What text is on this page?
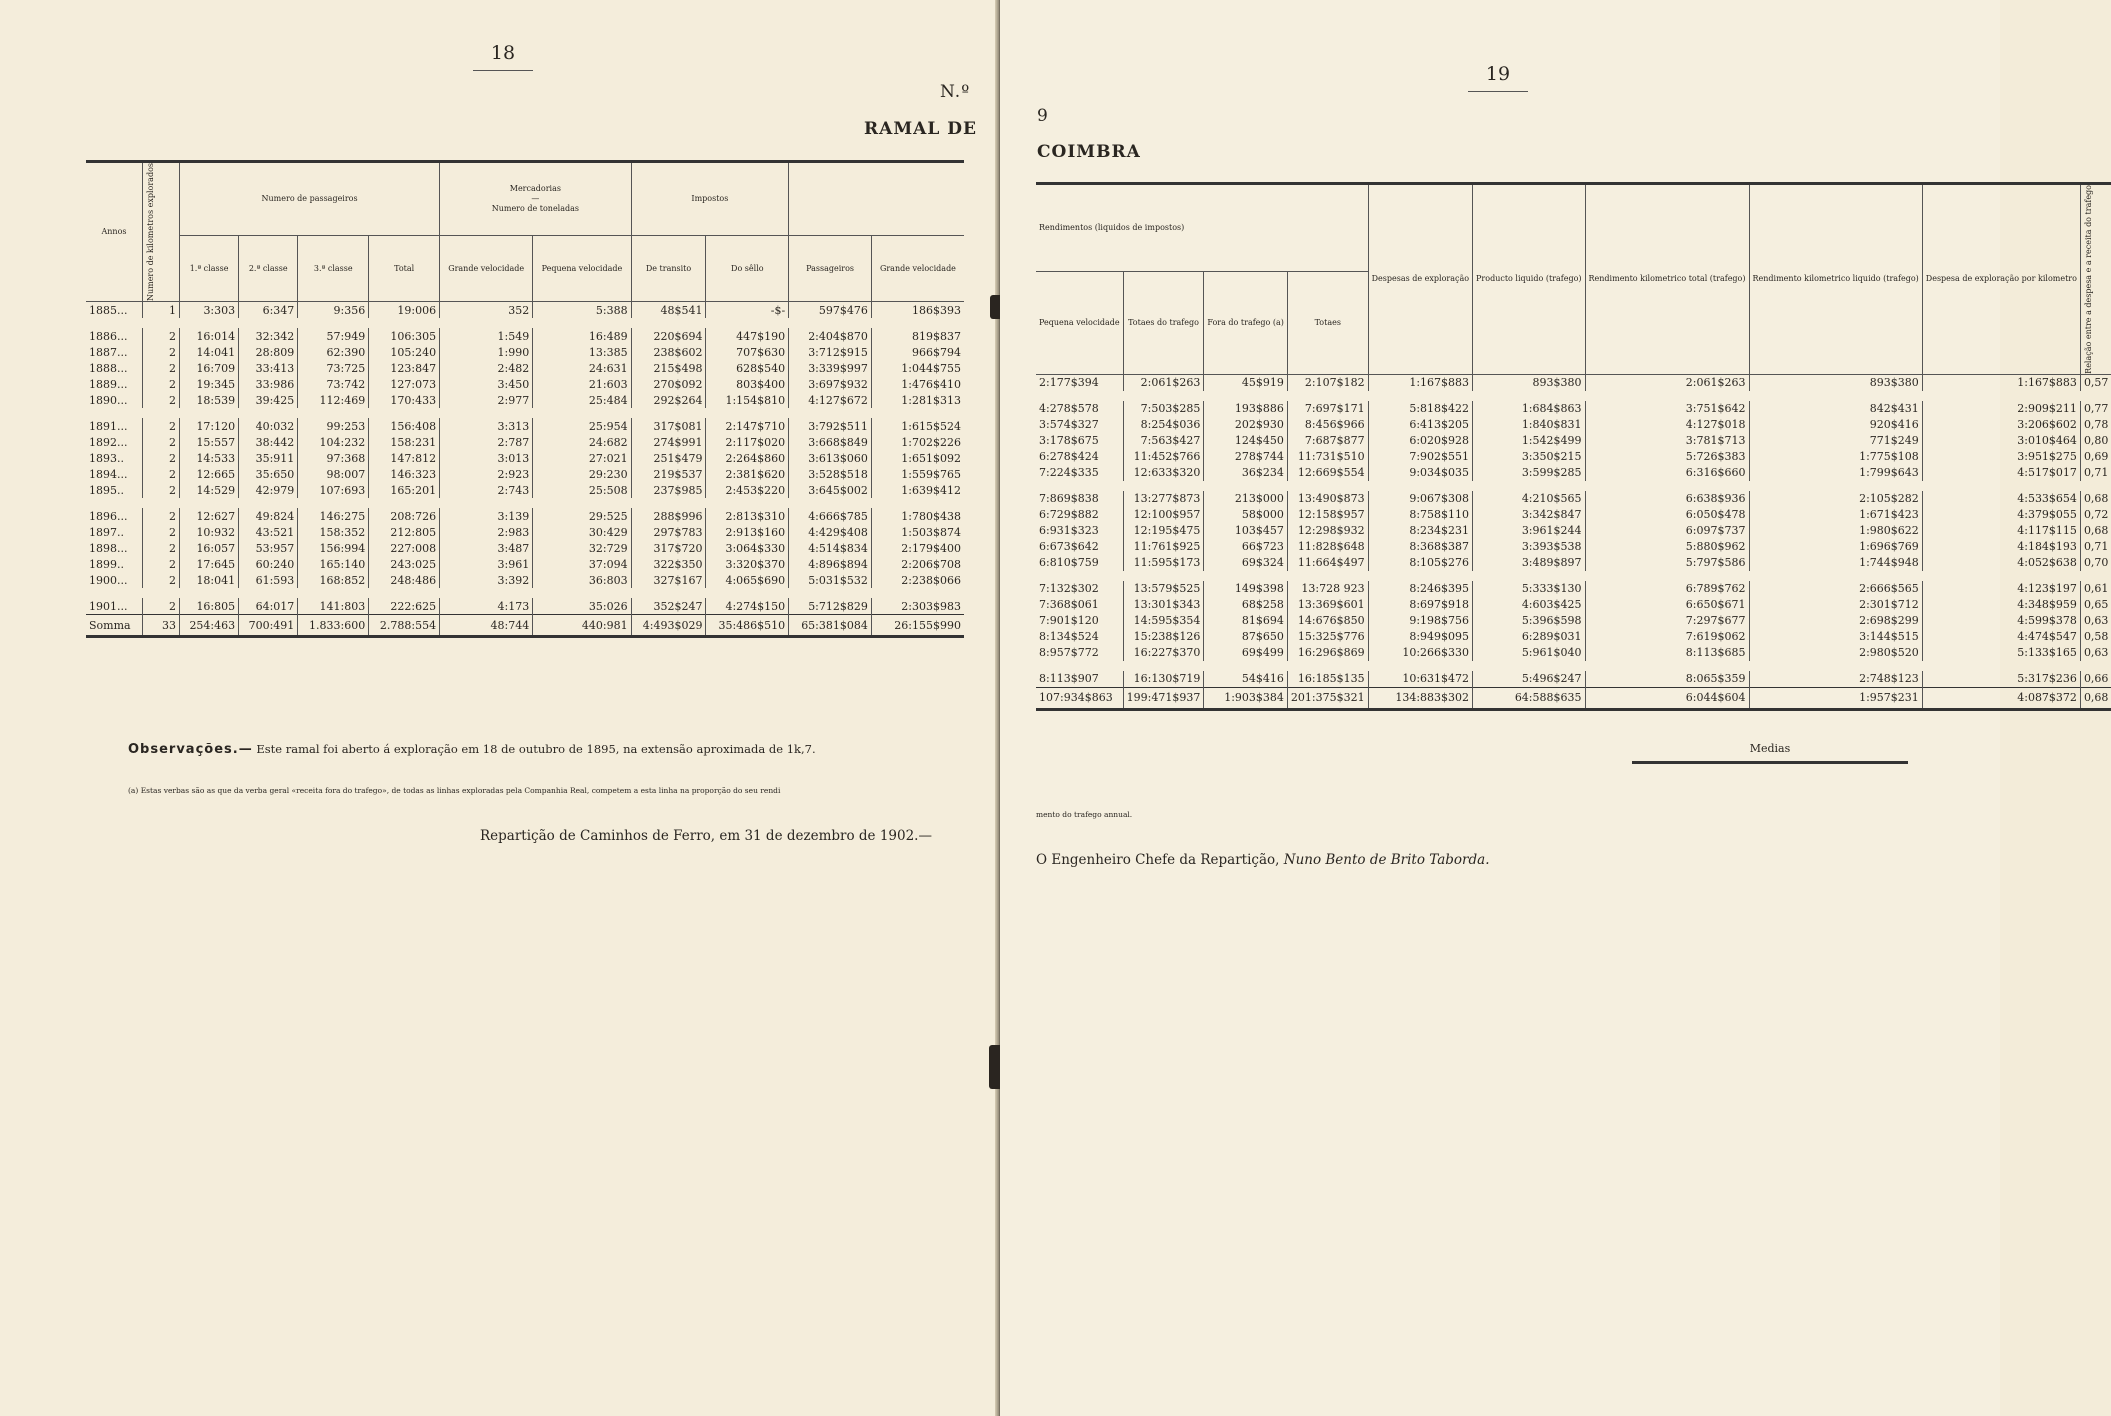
18
N.º
RAMAL DE
Annos	Numero de kilometros explorados	Numero de passageiros				Mercadorias
—
Numero de toneladas		Impostos			
		1.ª classe	2.ª classe	3.ª classe	Total	Grande velocidade	Pequena velocidade	De transito	Do sêllo	Passageiros	Grande velocidade
1885...	1	3:303	6:347	9:356	19:006	352	5:388	48$541	-$-	597$476	186$393

1886...	2	16:014	32:342	57:949	106:305	1:549	16:489	220$694	447$190	2:404$870	819$837
1887...	2	14:041	28:809	62:390	105:240	1:990	13:385	238$602	707$630	3:712$915	966$794
1888...	2	16:709	33:413	73:725	123:847	2:482	24:631	215$498	628$540	3:339$997	1:044$755
1889...	2	19:345	33:986	73:742	127:073	3:450	21:603	270$092	803$400	3:697$932	1:476$410
1890...	2	18:539	39:425	112:469	170:433	2:977	25:484	292$264	1:154$810	4:127$672	1:281$313

1891...	2	17:120	40:032	99:253	156:408	3:313	25:954	317$081	2:147$710	3:792$511	1:615$524
1892...	2	15:557	38:442	104:232	158:231	2:787	24:682	274$991	2:117$020	3:668$849	1:702$226
1893..	2	14:533	35:911	97:368	147:812	3:013	27:021	251$479	2:264$860	3:613$060	1:651$092
1894...	2	12:665	35:650	98:007	146:323	2:923	29:230	219$537	2:381$620	3:528$518	1:559$765
1895..	2	14:529	42:979	107:693	165:201	2:743	25:508	237$985	2:453$220	3:645$002	1:639$412

1896...	2	12:627	49:824	146:275	208:726	3:139	29:525	288$996	2:813$310	4:666$785	1:780$438
1897..	2	10:932	43:521	158:352	212:805	2:983	30:429	297$783	2:913$160	4:429$408	1:503$874
1898...	2	16:057	53:957	156:994	227:008	3:487	32:729	317$720	3:064$330	4:514$834	2:179$400
1899..	2	17:645	60:240	165:140	243:025	3:961	37:094	322$350	3:320$370	4:896$894	2:206$708
1900...	2	18:041	61:593	168:852	248:486	3:392	36:803	327$167	4:065$690	5:031$532	2:238$066

1901...	2	16:805	64:017	141:803	222:625	4:173	35:026	352$247	4:274$150	5:712$829	2:303$983
Somma	33	254:463	700:491	1.833:600	2.788:554	48:744	440:981	4:493$029	35:486$510	65:381$084	26:155$990
Observações.— Este ramal foi aberto á exploração em 18 de outubro de 1895, na extensão aproximada de 1k,7.
(a) Estas verbas são as que da verba geral «receita fora do trafego», de todas as linhas exploradas pela Companhia Real, competem a esta linha na proporção do seu rendi
Repartição de Caminhos de Ferro, em 31 de dezembro de 1902.—
19
9
COIMBRA
Rendimentos (liquidos de impostos)				Despesas de exploração	Producto liquido (trafego)	Rendimento kilometrico total (trafego)	Rendimento kilometrico liquido (trafego)	Despesa de exploração por kilometro	Relação entre a despesa e a receita do trafego

Pequena velocidade	Totaes do trafego	Fora do trafego (a)	Totaes						
2:177$394	2:061$263	45$919	2:107$182	1:167$883	893$380	2:061$263	893$380	1:167$883	0,57

4:278$578	7:503$285	193$886	7:697$171	5:818$422	1:684$863	3:751$642	842$431	2:909$211	0,77
3:574$327	8:254$036	202$930	8:456$966	6:413$205	1:840$831	4:127$018	920$416	3:206$602	0,78
3:178$675	7:563$427	124$450	7:687$877	6:020$928	1:542$499	3:781$713	771$249	3:010$464	0,80
6:278$424	11:452$766	278$744	11:731$510	7:902$551	3:350$215	5:726$383	1:775$108	3:951$275	0,69
7:224$335	12:633$320	36$234	12:669$554	9:034$035	3:599$285	6:316$660	1:799$643	4:517$017	0,71

7:869$838	13:277$873	213$000	13:490$873	9:067$308	4:210$565	6:638$936	2:105$282	4:533$654	0,68
6:729$882	12:100$957	58$000	12:158$957	8:758$110	3:342$847	6:050$478	1:671$423	4:379$055	0,72
6:931$323	12:195$475	103$457	12:298$932	8:234$231	3:961$244	6:097$737	1:980$622	4:117$115	0,68
6:673$642	11:761$925	66$723	11:828$648	8:368$387	3:393$538	5:880$962	1:696$769	4:184$193	0,71
6:810$759	11:595$173	69$324	11:664$497	8:105$276	3:489$897	5:797$586	1:744$948	4:052$638	0,70

7:132$302	13:579$525	149$398	13:728 923	8:246$395	5:333$130	6:789$762	2:666$565	4:123$197	0,61
7:368$061	13:301$343	68$258	13:369$601	8:697$918	4:603$425	6:650$671	2:301$712	4:348$959	0,65
7:901$120	14:595$354	81$694	14:676$850	9:198$756	5:396$598	7:297$677	2:698$299	4:599$378	0,63
8:134$524	15:238$126	87$650	15:325$776	8:949$095	6:289$031	7:619$062	3:144$515	4:474$547	0,58
8:957$772	16:227$370	69$499	16:296$869	10:266$330	5:961$040	8:113$685	2:980$520	5:133$165	0,63

8:113$907	16:130$719	54$416	16:185$135	10:631$472	5:496$247	8:065$359	2:748$123	5:317$236	0,66
107:934$863	199:471$937	1:903$384	201:375$321	134:883$302	64:588$635	6:044$604	1:957$231	4:087$372	0,68
Medias
mento do trafego annual.
O Engenheiro Chefe da Repartição, Nuno Bento de Brito Taborda.
